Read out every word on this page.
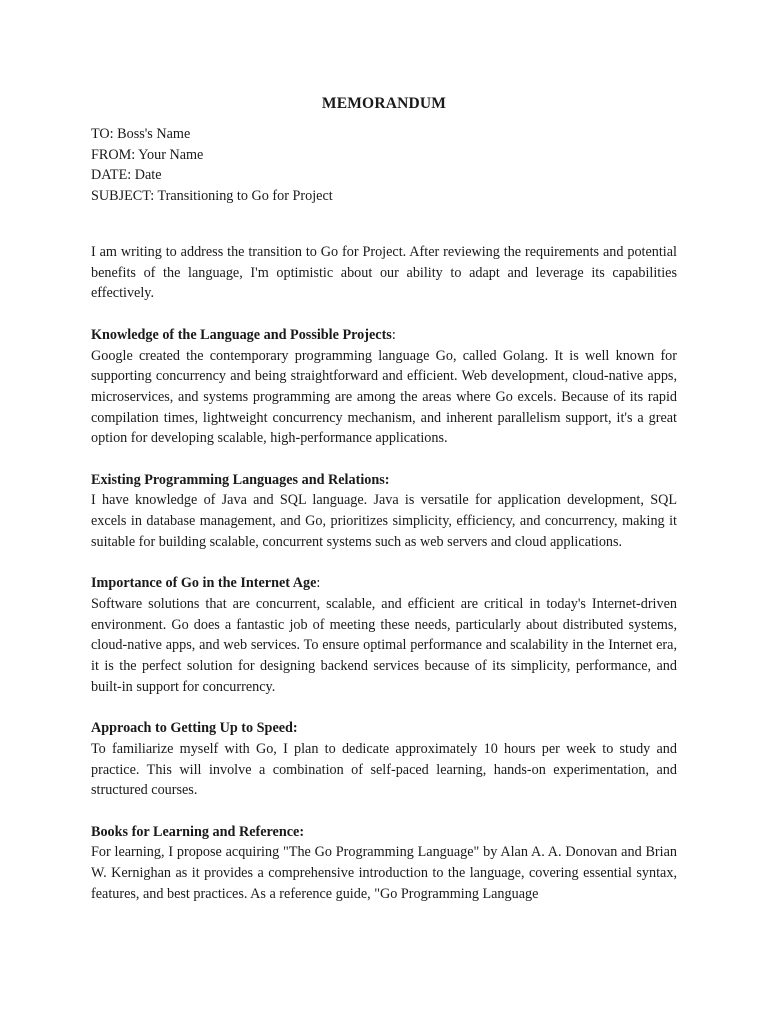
MEMORANDUM
TO: Boss's Name
FROM: Your Name
DATE: Date
SUBJECT: Transitioning to Go for Project

I am writing to address the transition to Go for Project. After reviewing the requirements and potential benefits of the language, I'm optimistic about our ability to adapt and leverage its capabilities effectively.

Knowledge of the Language and Possible Projects:
Google created the contemporary programming language Go, called Golang. It is well known for supporting concurrency and being straightforward and efficient. Web development, cloud-native apps, microservices, and systems programming are among the areas where Go excels. Because of its rapid compilation times, lightweight concurrency mechanism, and inherent parallelism support, it's a great option for developing scalable, high-performance applications.
Existing Programming Languages and Relations:
I have knowledge of Java and SQL language. Java is versatile for application development, SQL excels in database management, and Go, prioritizes simplicity, efficiency, and concurrency, making it suitable for building scalable, concurrent systems such as web servers and cloud applications.
Importance of Go in the Internet Age:
Software solutions that are concurrent, scalable, and efficient are critical in today's Internet-driven environment. Go does a fantastic job of meeting these needs, particularly about distributed systems, cloud-native apps, and web services. To ensure optimal performance and scalability in the Internet era, it is the perfect solution for designing backend services because of its simplicity, performance, and built-in support for concurrency.
Approach to Getting Up to Speed:
To familiarize myself with Go, I plan to dedicate approximately 10 hours per week to study and practice. This will involve a combination of self-paced learning, hands-on experimentation, and structured courses.
Books for Learning and Reference:
For learning, I propose acquiring "The Go Programming Language" by Alan A. A. Donovan and Brian W. Kernighan as it provides a comprehensive introduction to the language, covering essential syntax, features, and best practices. As a reference guide, "Go Programming Language
